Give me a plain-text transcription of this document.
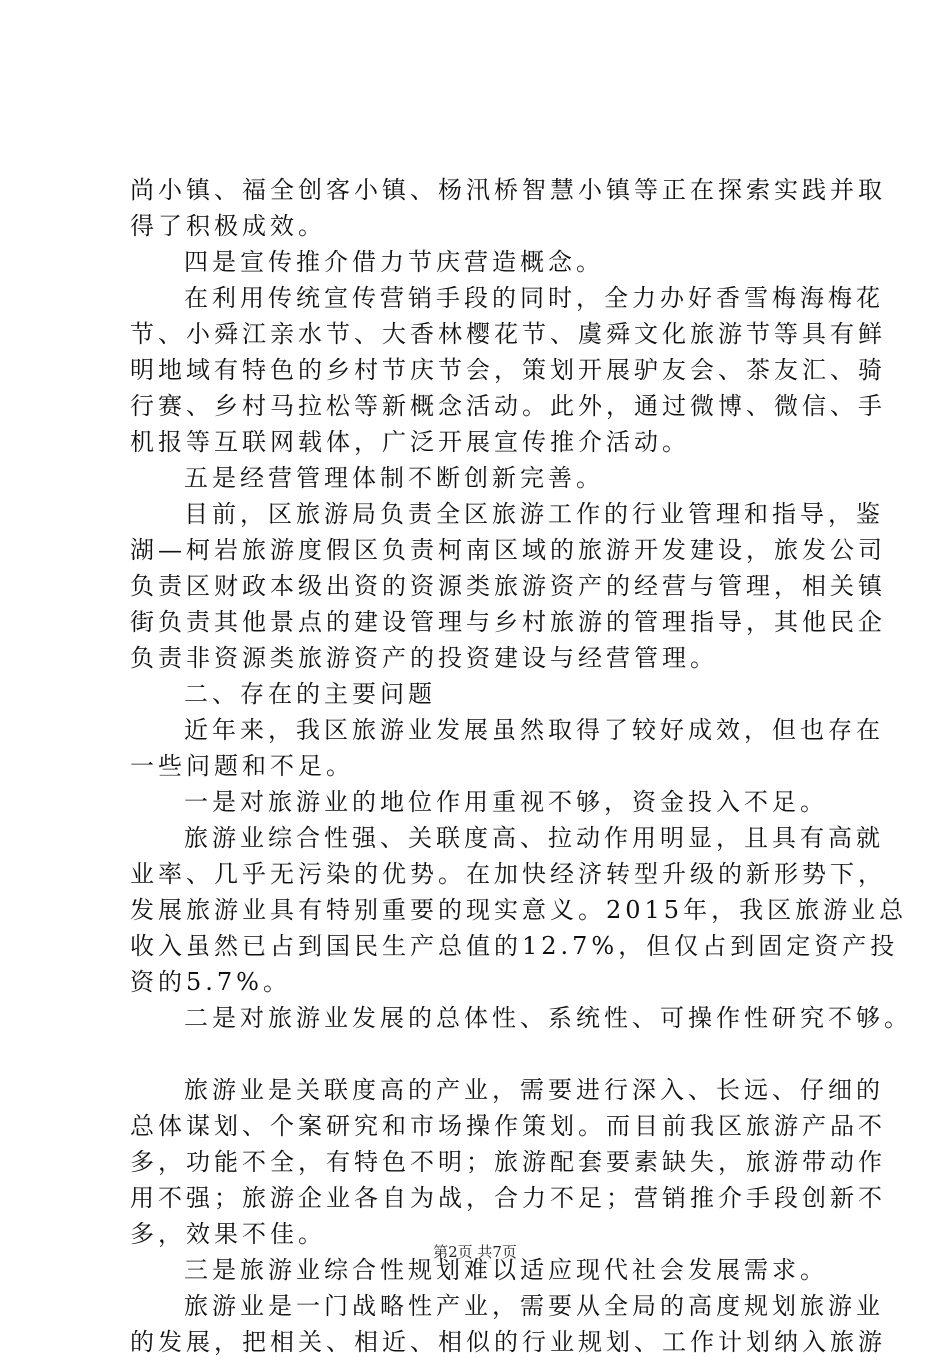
尚小镇、福全创客小镇、杨汛桥智慧小镇等正在探索实践并取
得了积极成效。
四是宣传推介借力节庆营造概念。
在利用传统宣传营销手段的同时，全力办好香雪梅海梅花
节、小舜江亲水节、大香林樱花节、虞舜文化旅游节等具有鲜
明地域有特色的乡村节庆节会，策划开展驴友会、茶友汇、骑
行赛、乡村马拉松等新概念活动。此外，通过微博、微信、手
机报等互联网载体，广泛开展宣传推介活动。
五是经营管理体制不断创新完善。
目前，区旅游局负责全区旅游工作的行业管理和指导，鉴
湖—柯岩旅游度假区负责柯南区域的旅游开发建设，旅发公司
负责区财政本级出资的资源类旅游资产的经营与管理，相关镇
街负责其他景点的建设管理与乡村旅游的管理指导，其他民企
负责非资源类旅游资产的投资建设与经营管理。
二、存在的主要问题
近年来，我区旅游业发展虽然取得了较好成效，但也存在
一些问题和不足。
一是对旅游业的地位作用重视不够，资金投入不足。
旅游业综合性强、关联度高、拉动作用明显，且具有高就
业率、几乎无污染的优势。在加快经济转型升级的新形势下，
发展旅游业具有特别重要的现实意义。2015年，我区旅游业总
收入虽然已占到国民生产总值的12.7%，但仅占到固定资产投
资的5.7%。
二是对旅游业发展的总体性、系统性、可操作性研究不够。
旅游业是关联度高的产业，需要进行深入、长远、仔细的
总体谋划、个案研究和市场操作策划。而目前我区旅游产品不
多，功能不全，有特色不明；旅游配套要素缺失，旅游带动作
用不强；旅游企业各自为战，合力不足；营销推介手段创新不
多，效果不佳。
三是旅游业综合性规划难以适应现代社会发展需求。
旅游业是一门战略性产业，需要从全局的高度规划旅游业
的发展，把相关、相近、相似的行业规划、工作计划纳入旅游
第2页 共7页
